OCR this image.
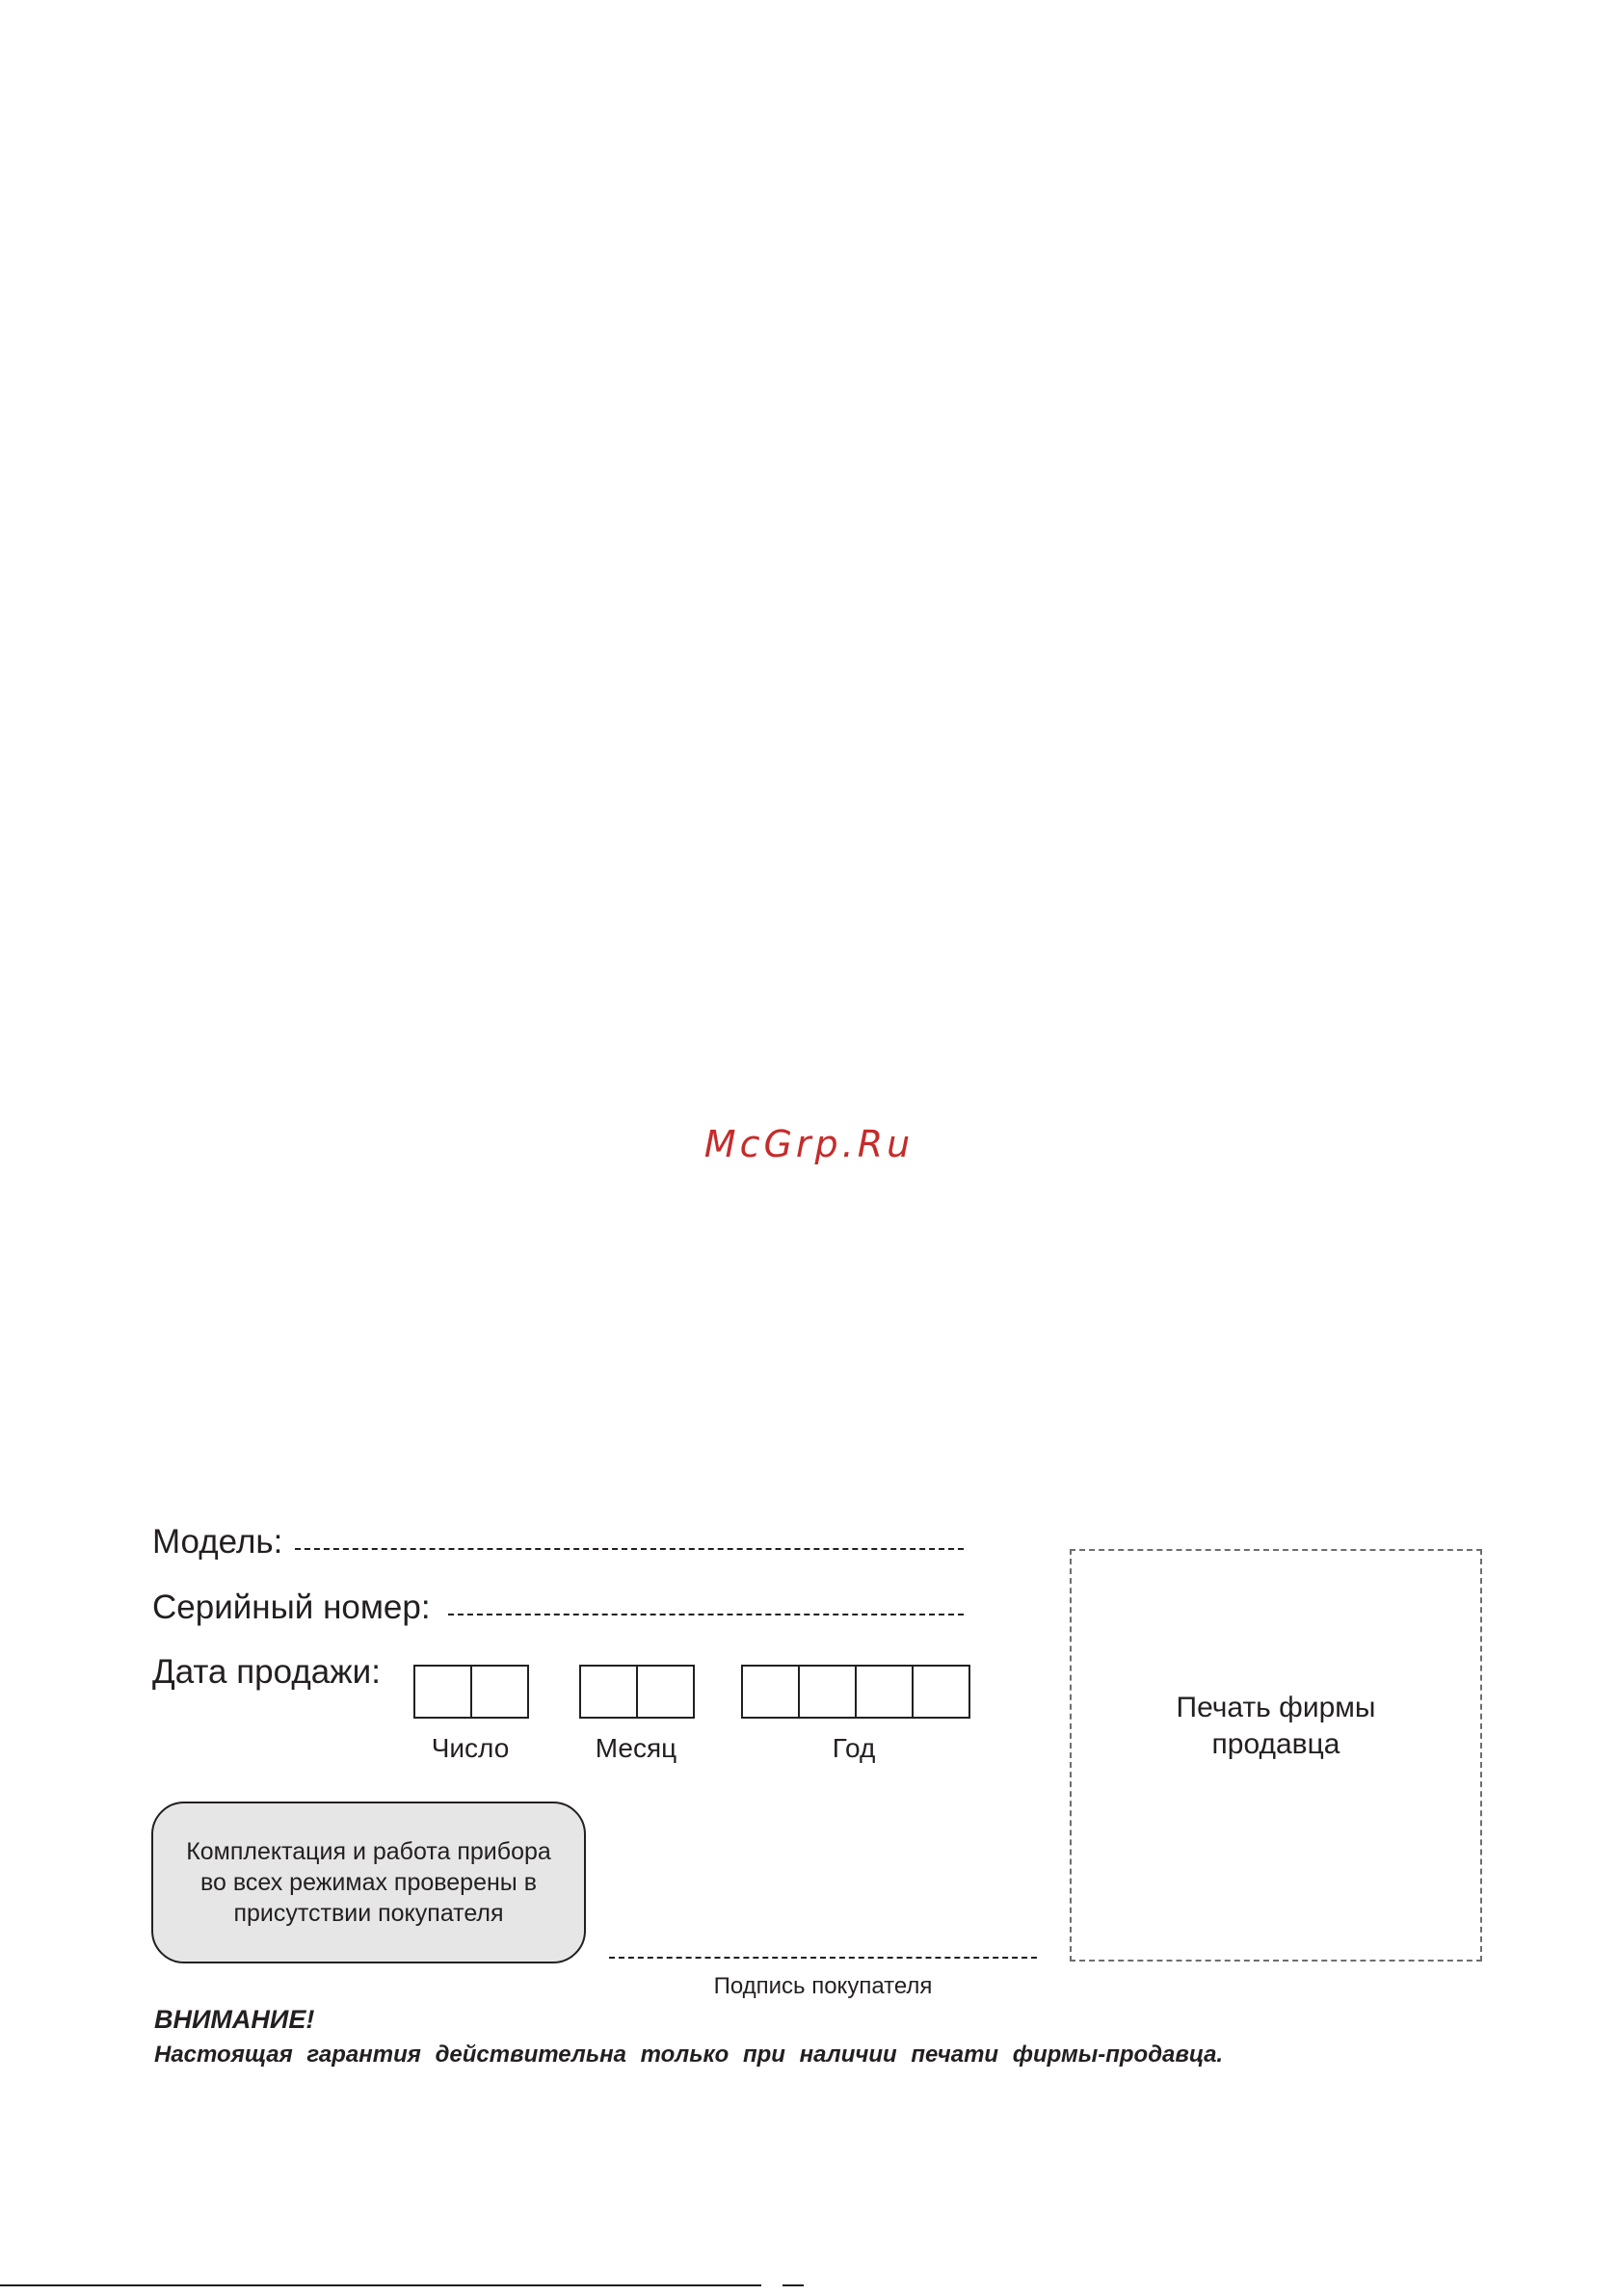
McGrp.Ru
Модель:
Серийный номер:
Дата продажи:
Число	Месяц	Год
Комплектация и работа прибора во всех режимах проверены в присутствии покупателя
Подпись покупателя
Печать фирмы продавца
ВНИМАНИЕ!
Настоящая гарантия действительна только при наличии печати фирмы-продавца.
